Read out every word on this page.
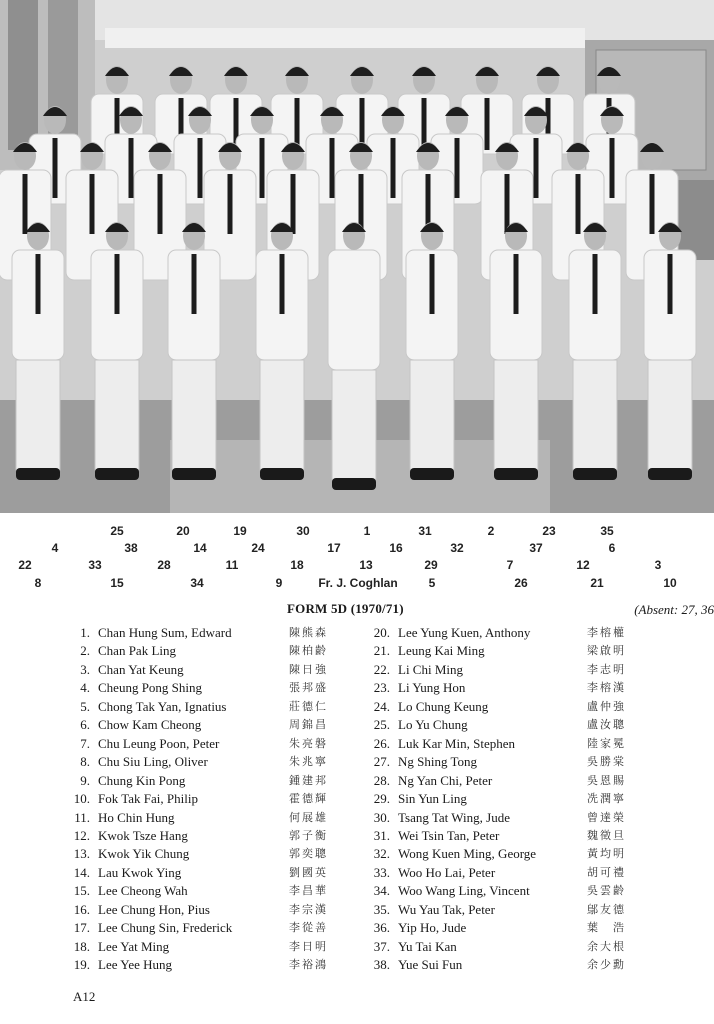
25	20	19	30	1	31	2	23	35
4	38	14	24	17	16	32	37	6
22	33	28	11	18	13	29	7	12	3
8	15	34	9	Fr. J. Coghlan	5	26	21	10
FORM 5D (1970/71)	(Absent: 27, 36
1. Chan Hung Sum, Edward	陳熊森
2. Chan Pak Ling	陳柏齡
3. Chan Yat Keung	陳日強
4. Cheung Pong Shing	張邦盛
5. Chong Tak Yan, Ignatius	莊德仁
6. Chow Kam Cheong	周錦昌
7. Chu Leung Poon, Peter	朱亮磐
8. Chu Siu Ling, Oliver	朱兆寧
9. Chung Kin Pong	鍾建邦
10. Fok Tak Fai, Philip	霍德輝
11. Ho Chin Hung	何展雄
12. Kwok Tsze Hang	郭子衡
13. Kwok Yik Chung	郭奕聰
14. Lau Kwok Ying	劉國英
15. Lee Cheong Wah	李昌華
16. Lee Chung Hon, Pius	李宗漢
17. Lee Chung Sin, Frederick	李從善
18. Lee Yat Ming	李日明
19. Lee Yee Hung	李裕鴻
20. Lee Yung Kuen, Anthony	李榕權
21. Leung Kai Ming	梁啟明
22. Li Chi Ming	李志明
23. Li Yung Hon	李榕漢
24. Lo Chung Keung	盧仲強
25. Lo Yu Chung	盧汝聰
26. Luk Kar Min, Stephen	陸家冕
27. Ng Shing Tong	吳勝棠
28. Ng Yan Chi, Peter	吳恩賜
29. Sin Yun Ling	冼潤寧
30. Tsang Tat Wing, Jude	曾達榮
31. Wei Tsin Tan, Peter	魏徵旦
32. Wong Kuen Ming, George	黃均明
33. Woo Ho Lai, Peter	胡可禮
34. Woo Wang Ling, Vincent	吳雲齡
35. Wu Yau Tak, Peter	鄔友德
36. Yip Ho, Jude	葉　浩
37. Yu Tai Kan	余大根
38. Yue Sui Fun	余少勳
A12
